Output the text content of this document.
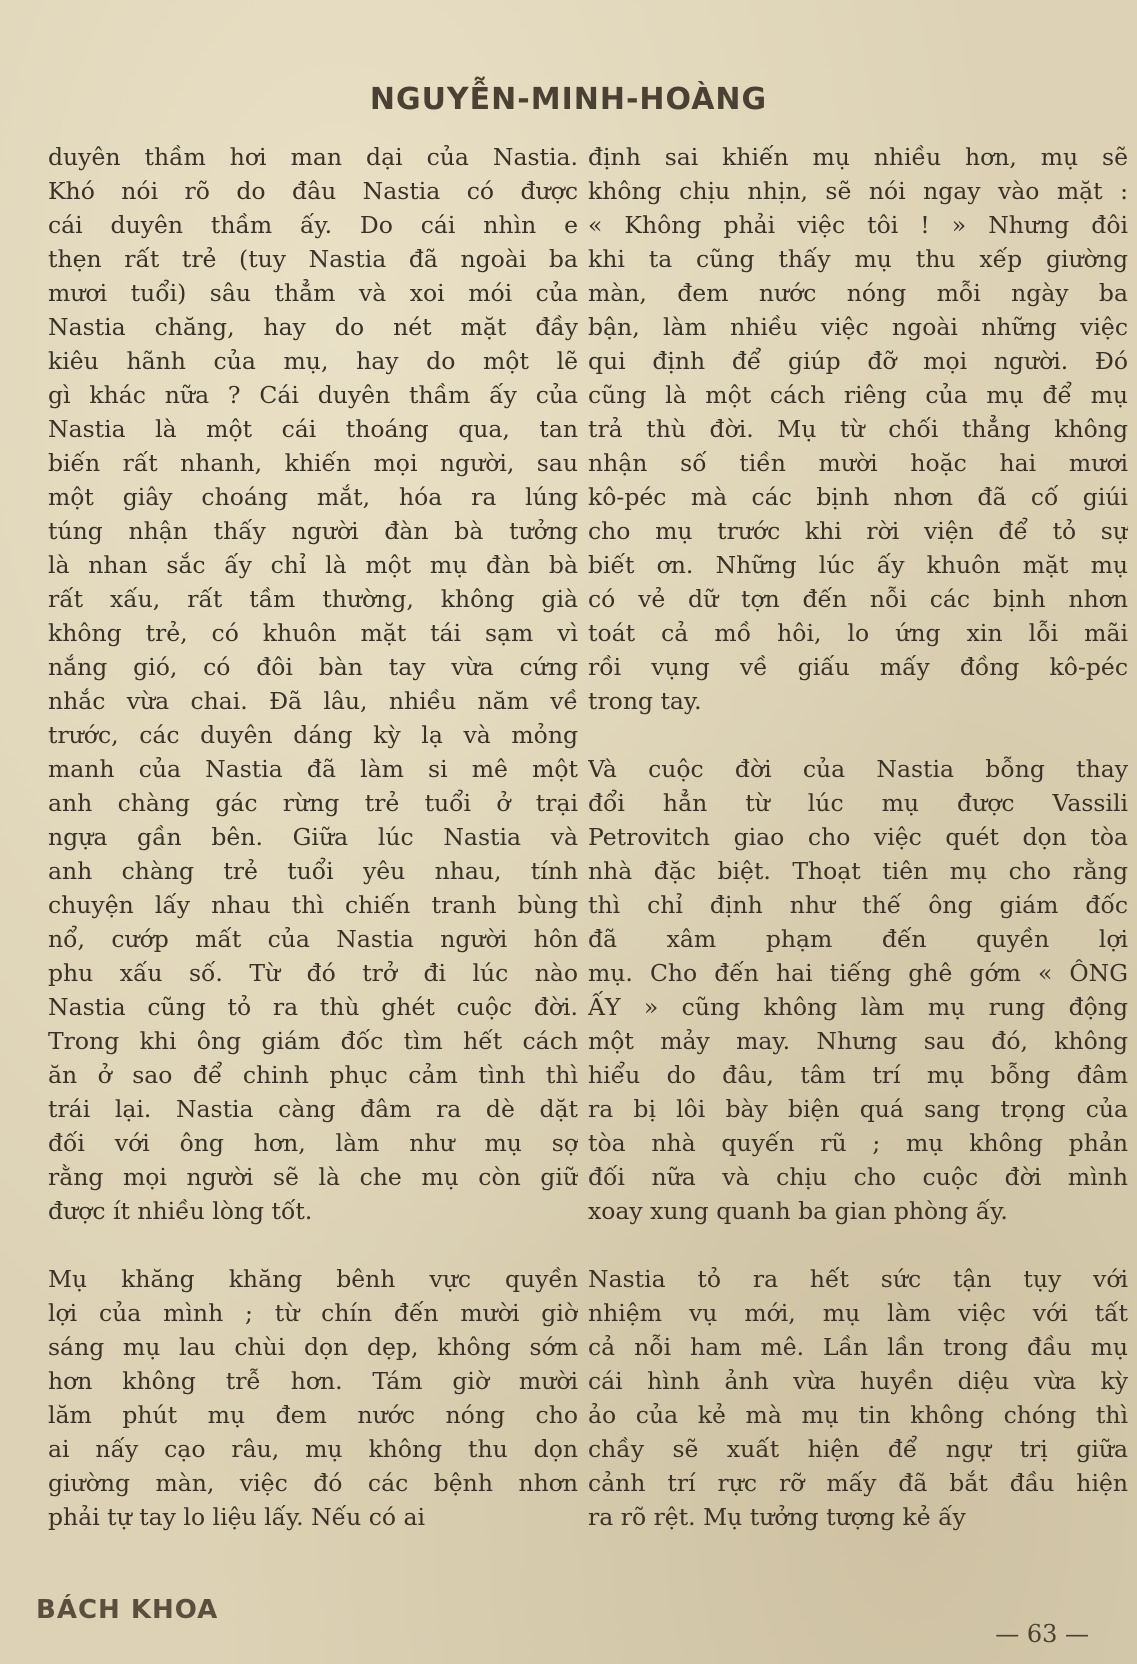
NGUYỄN-MINH-HOÀNG
duyên thầm hơi man dại của Nastia.
Khó nói rõ do đâu Nastia có được
cái duyên thầm ấy. Do cái nhìn e
thẹn rất trẻ (tuy Nastia đã ngoài ba
mươi tuổi) sâu thẳm và xoi mói của
Nastia chăng, hay do nét mặt đầy
kiêu hãnh của mụ, hay do một lẽ
gì khác nữa ? Cái duyên thầm ấy của
Nastia là một cái thoáng qua, tan
biến rất nhanh, khiến mọi người, sau
một giây choáng mắt, hóa ra lúng
túng nhận thấy người đàn bà tưởng
là nhan sắc ấy chỉ là một mụ đàn bà
rất xấu, rất tầm thường, không già
không trẻ, có khuôn mặt tái sạm vì
nắng gió, có đôi bàn tay vừa cứng
nhắc vừa chai. Đã lâu, nhiều năm về
trước, các duyên dáng kỳ lạ và mỏng
manh của Nastia đã làm si mê một
anh chàng gác rừng trẻ tuổi ở trại
ngựa gần bên. Giữa lúc Nastia và
anh chàng trẻ tuổi yêu nhau, tính
chuyện lấy nhau thì chiến tranh bùng
nổ, cướp mất của Nastia người hôn
phu xấu số. Từ đó trở đi lúc nào
Nastia cũng tỏ ra thù ghét cuộc đời.
Trong khi ông giám đốc tìm hết cách
ăn ở sao để chinh phục cảm tình thì
trái lại. Nastia càng đâm ra dè dặt
đối với ông hơn, làm như mụ sợ
rằng mọi người sẽ là che mụ còn giữ
được ít nhiều lòng tốt.
Mụ khăng khăng bênh vực quyền
lợi của mình ; từ chín đến mười giờ
sáng mụ lau chùi dọn dẹp, không sớm
hơn không trễ hơn. Tám giờ mười
lăm phút mụ đem nước nóng cho
ai nấy cạo râu, mụ không thu dọn
giường màn, việc đó các bệnh nhơn
phải tự tay lo liệu lấy. Nếu có ai
định sai khiến mụ nhiều hơn, mụ sẽ
không chịu nhịn, sẽ nói ngay vào mặt :
« Không phải việc tôi ! » Nhưng đôi
khi ta cũng thấy mụ thu xếp giường
màn, đem nước nóng mỗi ngày ba
bận, làm nhiều việc ngoài những việc
qui định để giúp đỡ mọi người. Đó
cũng là một cách riêng của mụ để mụ
trả thù đời. Mụ từ chối thẳng không
nhận số tiền mười hoặc hai mươi
kô-péc mà các bịnh nhơn đã cố giúi
cho mụ trước khi rời viện để tỏ sự
biết ơn. Những lúc ấy khuôn mặt mụ
có vẻ dữ tợn đến nỗi các bịnh nhơn
toát cả mồ hôi, lo ứng xin lỗi mãi
rồi vụng về giấu mấy đồng kô-péc
trong tay.
Và cuộc đời của Nastia bỗng thay
đổi hẳn từ lúc mụ được Vassili
Petrovitch giao cho việc quét dọn tòa
nhà đặc biệt. Thoạt tiên mụ cho rằng
thì chỉ định như thế ông giám đốc
đã xâm phạm đến quyền lợi
mụ. Cho đến hai tiếng ghê gớm « ÔNG
ẤY » cũng không làm mụ rung động
một mảy may. Nhưng sau đó, không
hiểu do đâu, tâm trí mụ bỗng đâm
ra bị lôi bày biện quá sang trọng của
tòa nhà quyến rũ ; mụ không phản
đối nữa và chịu cho cuộc đời mình
xoay xung quanh ba gian phòng ấy.
Nastia tỏ ra hết sức tận tụy với
nhiệm vụ mới, mụ làm việc với tất
cả nỗi ham mê. Lần lần trong đầu mụ
cái hình ảnh vừa huyền diệu vừa kỳ
ảo của kẻ mà mụ tin không chóng thì
chầy sẽ xuất hiện để ngự trị giữa
cảnh trí rực rỡ mấy đã bắt đầu hiện
ra rõ rệt. Mụ tưởng tượng kẻ ấy
BÁCH KHOA
— 63 —
